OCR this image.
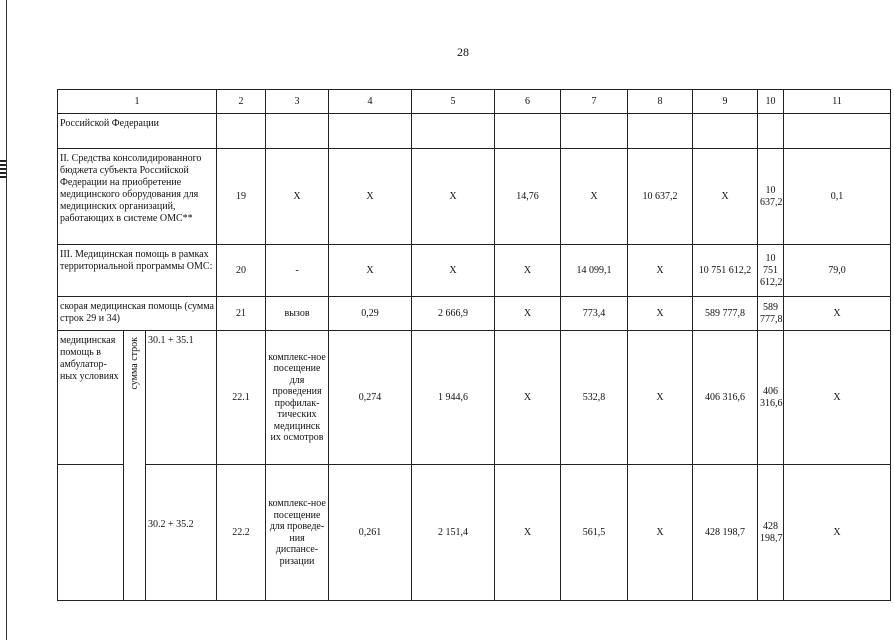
28
1			2	3	4	5	6	7	8	9	10	11
Российской Федерации												
II. Средства консолидированного бюджета субъекта Российской Федерации на приобретение медицинского оборудования для медицинских организаций, работающих в системе ОМС**			19	X	X	X	14,76	X	10 637,2	X	10 637,2	0,1
III. Медицинская помощь в рамках территориальной программы ОМС:			20	-	X	X	X	14 099,1	X	10 751 612,2	10 751 612,2	79,0
скорая медицинская помощь (сумма строк 29 и 34)			21	вызов	0,29	2 666,9	X	773,4	X	589 777,8	589 777,8	X
медицинская помощь в амбулатор-ных условиях	сумма строк	30.1 + 35.1	22.1	комплекс-ное посещение для проведения профилак-тических медицинск их осмотров	0,274	1 944,6	X	532,8	X	406 316,6	406 316,6	X
		30.2 + 35.2	22.2	комплекс-ное посещение для проведе-ния диспансе-ризации	0,261	2 151,4	X	561,5	X	428 198,7	428 198,7	X
